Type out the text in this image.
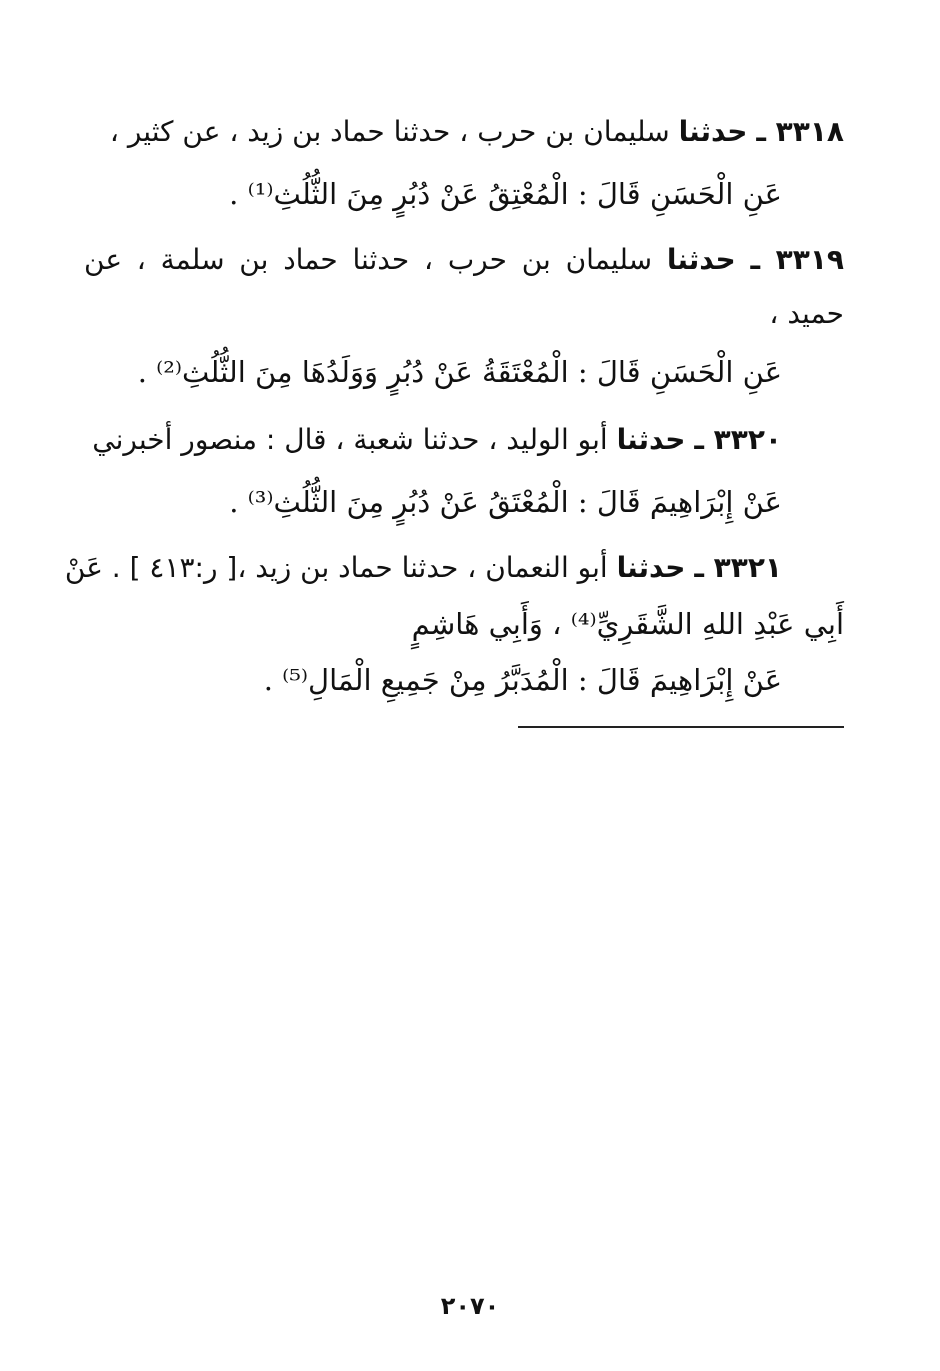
٣٣١٨ ـ حدثنا سليمان بن حرب ، حدثنا حماد بن زيد ، عن كثير ،
عَنِ الْحَسَنِ قَالَ : الْمُعْتِقُ عَنْ دُبُرٍ مِنَ الثُّلُثِ⁽¹⁾ .
٣٣١٩ ـ حدثنا سليمان بن حرب ، حدثنا حماد بن سلمة ، عن
حميد ،
عَنِ الْحَسَنِ قَالَ : الْمُعْتَقَةُ عَنْ دُبُرٍ وَوَلَدُهَا مِنَ الثُّلُثِ⁽²⁾ .
٣٣٢٠ ـ حدثنا أبو الوليد ، حدثنا شعبة ، قال : منصور أخبرني
عَنْ إِبْرَاهِيمَ قَالَ : الْمُعْتَقُ عَنْ دُبُرٍ مِنَ الثُّلُثِ⁽³⁾ .
٣٣٢١ ـ حدثنا أبو النعمان ، حدثنا حماد بن زيد ،[ ر:٤١٣ ] . عَنْ
أَبِي عَبْدِ اللهِ الشَّقَرِيِّ⁽⁴⁾ ، وَأَبِي هَاشِمٍ
عَنْ إِبْرَاهِيمَ قَالَ : الْمُدَبَّرُ مِنْ جَمِيعِ الْمَالِ⁽⁵⁾ .
٢٠٧٠
